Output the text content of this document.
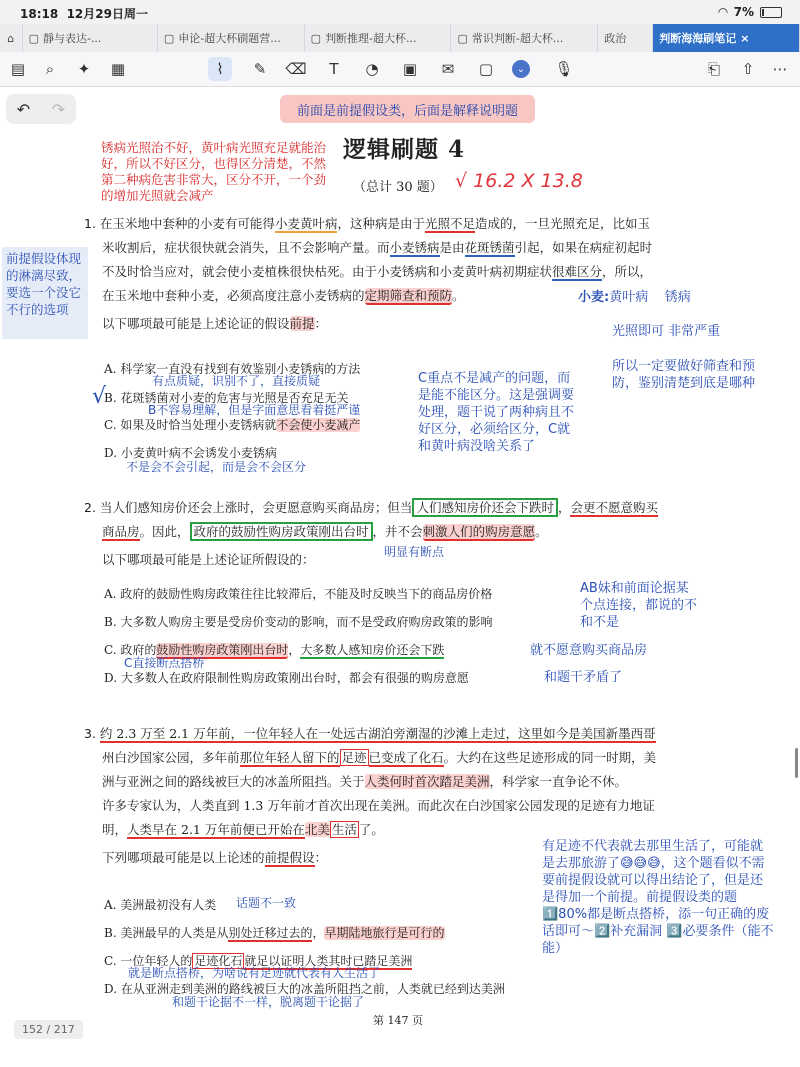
18:18 12月29日周一	◠ 7%
⌂	▢ 靜与表达-...	▢ 申论-超大杯刷题营...	▢ 判断推理-超大杯...	▢ 常识判断-超大杯...	政治	判断海海刷笔记 ×
▤	⌕	✦	▦	⌇	✎	⌫	T	◔	▣	✉	▢	⌄	🎙	⎗	⇧	⋯
↶ ↷	前面是前提假设类，后面是解释说明题
逻辑刷题 4
（总计 30 题） √ 16.2 X 13.8
锈病光照治不好，黄叶病光照充足就能治好，所以不好区分，也得区分清楚，不然第二种病危害非常大，区分不开，一个劲的增加光照就会减产
前提假设体现的淋漓尽致，要选一个没它不行的选项
1. 在玉米地中套种的小麦有可能得小麦黄叶病，这种病是由于光照不足造成的，一旦光照充足，比如玉
米收割后，症状很快就会消失，且不会影响产量。而小麦锈病是由花斑锈菌引起，如果在病症初起时
不及时恰当应对，就会使小麦植株很快枯死。由于小麦锈病和小麦黄叶病初期症状很难区分，所以，
在玉米地中套种小麦，必须高度注意小麦锈病的定期筛查和预防。
以下哪项最可能是上述论证的假设前提：
A. 科学家一直没有找到有效鉴别小麦锈病的方法
B. 花斑锈菌对小麦的危害与光照是否充足无关
C. 如果及时恰当处理小麦锈病就不会使小麦减产
D. 小麦黄叶病不会诱发小麦锈病
√
有点质疑，识别不了，直接质疑
B不容易理解，但是字面意思看着挺严谨
不是会不会引起，而是会不会区分
C重点不是减产的问题，而是能不能区分。这是强调要处理，题干说了两种病且不好区分，必须给区分，C就和黄叶病没啥关系了
小麦:黄叶病 锈病
光照即可 非常严重
所以一定要做好筛查和预防，鉴别清楚到底是哪种
2. 当人们感知房价还会上涨时，会更愿意购买商品房；但当 人们感知房价还会下跌时 ，会更不愿意购买
商品房。因此， 政府的鼓励性购房政策刚出台时 ，并不会刺激人们的购房意愿。
以下哪项最可能是上述论证所假设的：
A. 政府的鼓励性购房政策往往比较滞后，不能及时反映当下的商品房价格
B. 大多数人购房主要是受房价变动的影响，而不是受政府购房政策的影响
C. 政府的鼓励性购房政策刚出台时，大多数人感知房价还会下跌
D. 大多数人在政府限制性购房政策刚出台时，都会有很强的购房意愿
明显有断点
AB妹和前面论据某个点连接，都说的不和不是
就不愿意购买商品房
C直接断点搭桥
和题干矛盾了
3. 约 2.3 万至 2.1 万年前，一位年轻人在一处远古湖泊旁潮湿的沙滩上走过，这里如今是美国新墨西哥
州白沙国家公园，多年前那位年轻人留下的 足迹 已变成了化石。大约在这些足迹形成的同一时期，美
洲与亚洲之间的路线被巨大的冰盖所阻挡。关于人类何时首次踏足美洲，科学家一直争论不休。
许多专家认为，人类直到 1.3 万年前才首次出现在美洲。而此次在白沙国家公园发现的足迹有力地证
明，人类早在 2.1 万年前便已开始在北美 生活 了。
下列哪项最可能是以上论述的前提假设：
A. 美洲最初没有人类
B. 美洲最早的人类是从别处迁移过去的，早期陆地旅行是可行的
C. 一位年轻人的 足迹化石 就足以证明人类其时已踏足美洲
D. 在从亚洲走到美洲的路线被巨大的冰盖所阻挡之前，人类就已经到达美洲
话题不一致
就是断点搭桥，为啥说有足迹就代表有人生活了
和题干论据不一样，脱离题干论据了
有足迹不代表就去那里生活了，可能就是去那旅游了😅😅😅，这个题看似不需要前提假设就可以得出结论了，但是还是得加一个前提。前提假设类的题1️⃣80%都是断点搭桥，添一句正确的废话即可～2️⃣补充漏洞 3️⃣必要条件（能不能）
第 147 页
152 / 217
